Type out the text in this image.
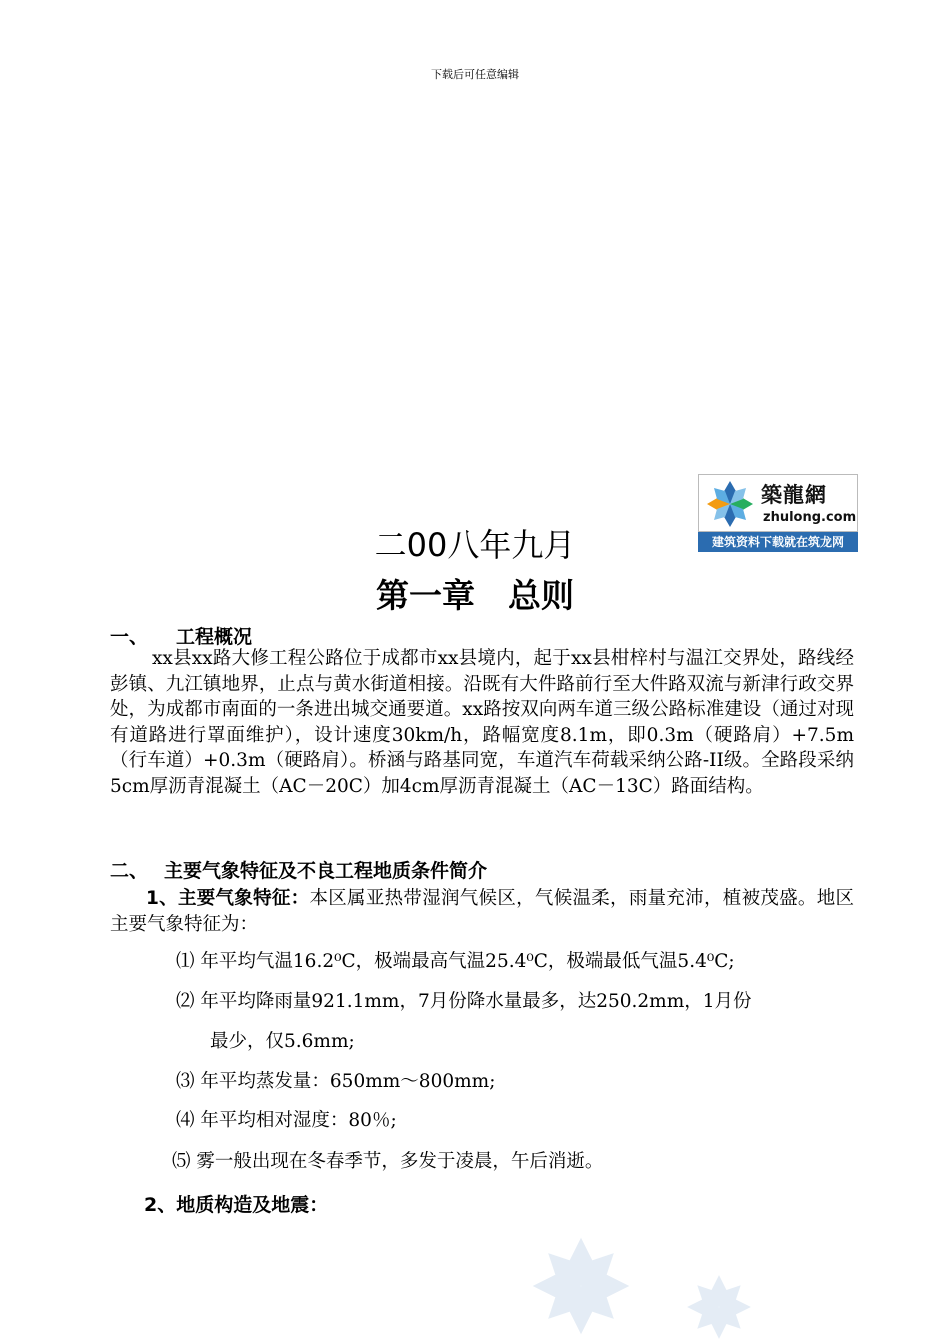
下载后可任意编辑
築龍網
zhulong.com
建筑资料下载就在筑龙网
二00八年九月
第一章　总则
一、 工程概况
xx县xx路大修工程公路位于成都市xx县境内，起于xx县柑梓村与温江交界处，路线经彭镇、九江镇地界，止点与黄水街道相接。沿既有大件路前行至大件路双流与新津行政交界处，为成都市南面的一条进出城交通要道。xx路按双向两车道三级公路标准建设（通过对现有道路进行罩面维护），设计速度30km/h，路幅宽度8.1m，即0.3m（硬路肩）+7.5m（行车道）+0.3m（硬路肩）。桥涵与路基同宽，车道汽车荷载采纳公路-II级。全路段采纳5cm厚沥青混凝土（AC－20C）加4cm厚沥青混凝土（AC－13C）路面结构。
二、 主要气象特征及不良工程地质条件简介
1、主要气象特征：本区属亚热带湿润气候区，气候温柔，雨量充沛，植被茂盛。地区主要气象特征为：
⑴ 年平均气温16.2⁰C，极端最高气温25.4⁰C，极端最低气温5.4⁰C;
⑵ 年平均降雨量921.1mm，7月份降水量最多，达250.2mm，1月份
最少，仅5.6mm;
⑶ 年平均蒸发量：650mm～800mm;
⑷ 年平均相对湿度：80％;
⑸ 雾一般出现在冬春季节，多发于凌晨，午后消逝。
2、地质构造及地震：
